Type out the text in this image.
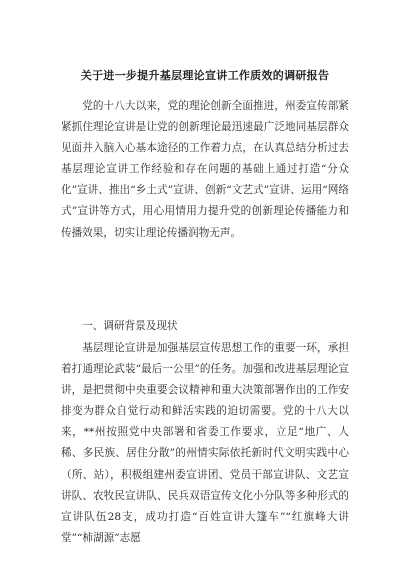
关于进一步提升基层理论宣讲工作质效的调研报告

党的十八大以来，党的理论创新全面推进，州委宣传部紧紧抓住理论宣讲是让党的创新理论最迅速最广泛地同基层群众见面并入脑入心基本途径的工作着力点，在认真总结分析过去基层理论宣讲工作经验和存在问题的基础上通过打造“分众化”宣讲、推出“乡土式”宣讲、创新“文艺式”宣讲、运用“网络式”宣讲等方式，用心用情用力提升党的创新理论传播能力和传播效果，切实让理论传播润物无声。

一、调研背景及现状

基层理论宣讲是加强基层宣传思想工作的重要一环，承担着打通理论武装“最后一公里”的任务。加强和改进基层理论宣讲，是把贯彻中央重要会议精神和重大决策部署作出的工作安排变为群众自觉行动和鲜活实践的迫切需要。党的十八大以来，**州按照党中央部署和省委工作要求，立足“地广、人稀、多民族、居住分散”的州情实际依托新时代文明实践中心（所、站），积极组建州委宣讲团、党员干部宣讲队、文艺宣讲队、农牧民宣讲队、民兵双语宣传文化小分队等多种形式的宣讲队伍28支，成功打造“百姓宣讲大篷车”“红旗峰大讲堂”“柿湖源”志愿
